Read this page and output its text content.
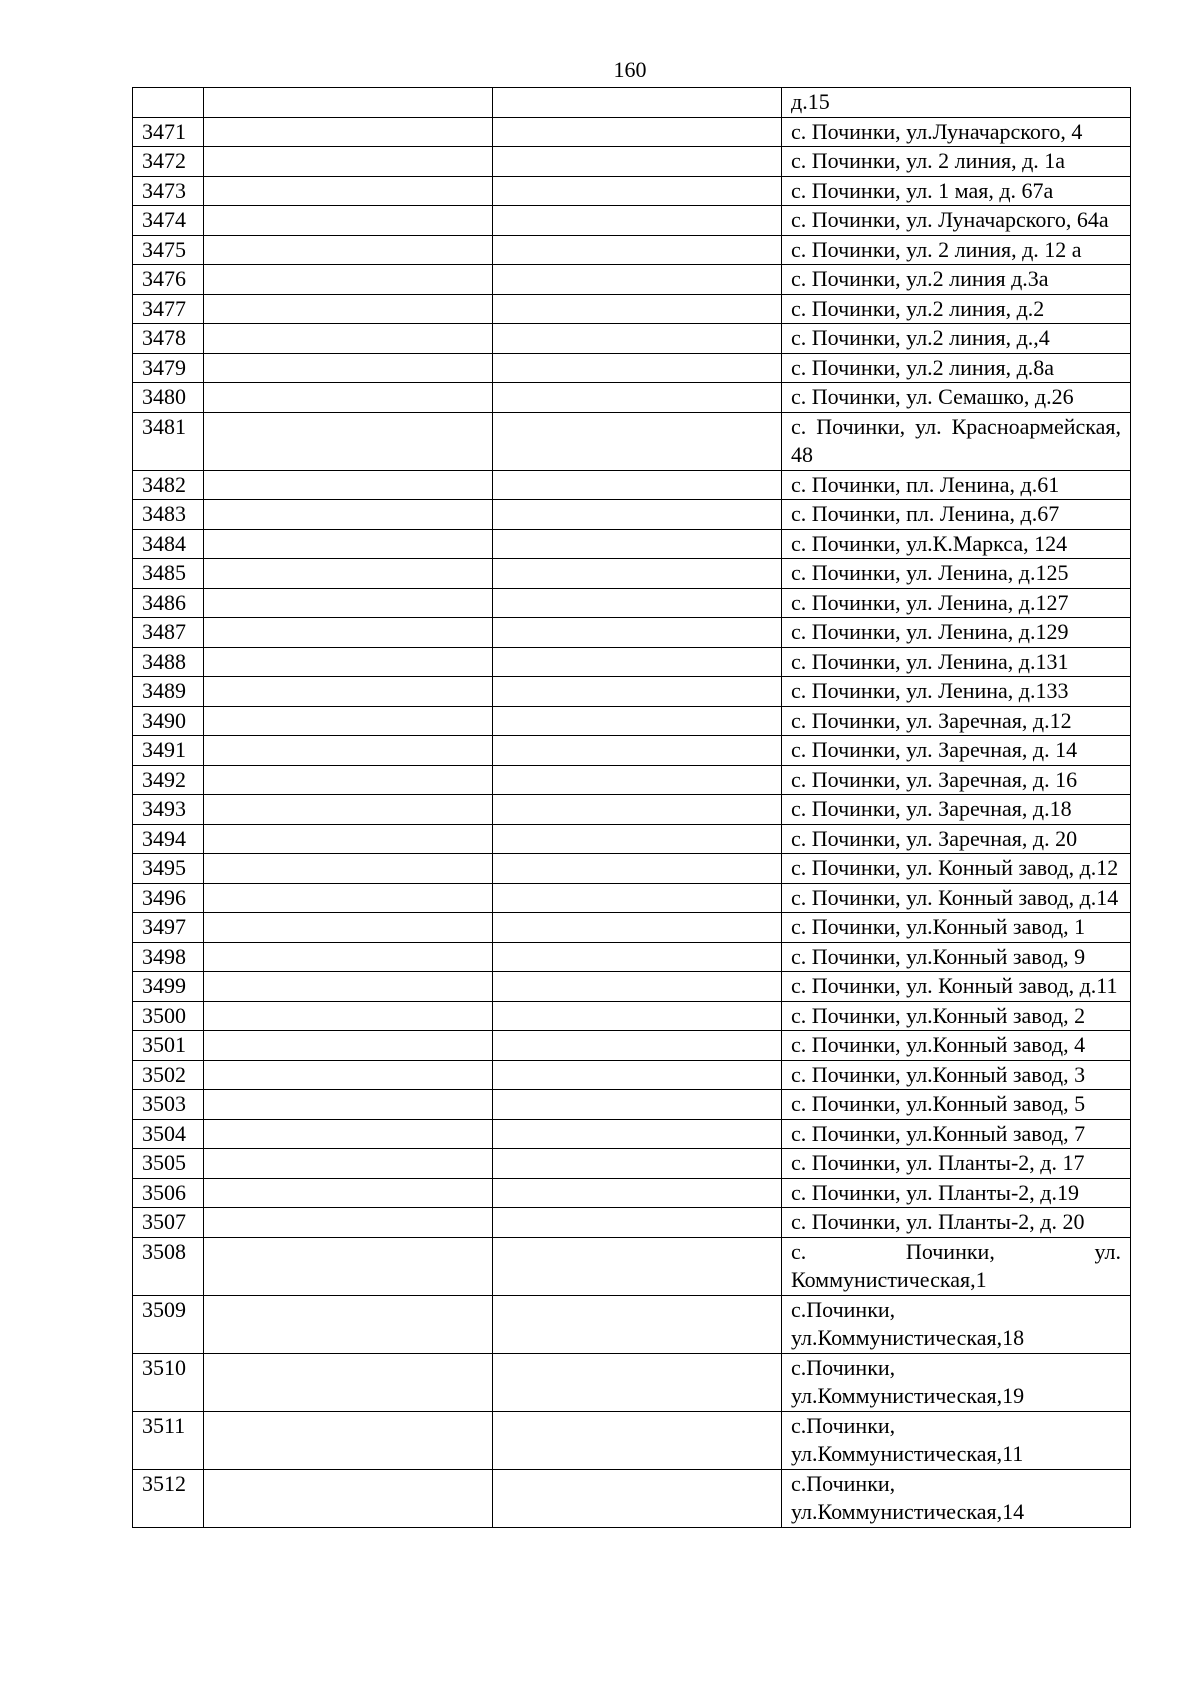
160
			д.15
3471			с. Починки, ул.Луначарского, 4
3472			с. Починки, ул. 2 линия, д. 1а
3473			с. Починки, ул. 1 мая, д. 67а
3474			с. Починки, ул. Луначарского, 64а
3475			с. Починки, ул. 2 линия, д. 12 а
3476			с. Починки, ул.2 линия д.3а
3477			с. Починки, ул.2 линия, д.2
3478			с. Починки, ул.2 линия, д.,4
3479			с. Починки, ул.2 линия, д.8а
3480			с. Починки, ул. Семашко, д.26
3481			с. Починки, ул. Красноармейская, 48
3482			с. Починки, пл. Ленина, д.61
3483			с. Починки, пл. Ленина, д.67
3484			с. Починки, ул.К.Маркса, 124
3485			с. Починки, ул. Ленина, д.125
3486			с. Починки, ул. Ленина, д.127
3487			с. Починки, ул. Ленина, д.129
3488			с. Починки, ул. Ленина, д.131
3489			с. Починки, ул. Ленина, д.133
3490			с. Починки, ул. Заречная, д.12
3491			с. Починки, ул. Заречная, д. 14
3492			с. Починки, ул. Заречная, д. 16
3493			с. Починки, ул. Заречная, д.18
3494			с. Починки, ул. Заречная, д. 20
3495			с. Починки, ул. Конный завод, д.12
3496			с. Починки, ул. Конный завод, д.14
3497			с. Починки, ул.Конный завод, 1
3498			с. Починки, ул.Конный завод, 9
3499			с. Починки, ул. Конный завод, д.11
3500			с. Починки, ул.Конный завод, 2
3501			с. Починки, ул.Конный завод, 4
3502			с. Починки, ул.Конный завод, 3
3503			с. Починки, ул.Конный завод, 5
3504			с. Починки, ул.Конный завод, 7
3505			с. Починки, ул. Планты-2, д. 17
3506			с. Починки, ул. Планты-2, д.19
3507			с. Починки, ул. Планты-2, д. 20
3508			с. Починки, ул. Коммунистическая,1
3509			с.Починки, ул.Коммунистическая,18
3510			с.Починки, ул.Коммунистическая,19
3511			с.Починки, ул.Коммунистическая,11
3512			с.Починки, ул.Коммунистическая,14
